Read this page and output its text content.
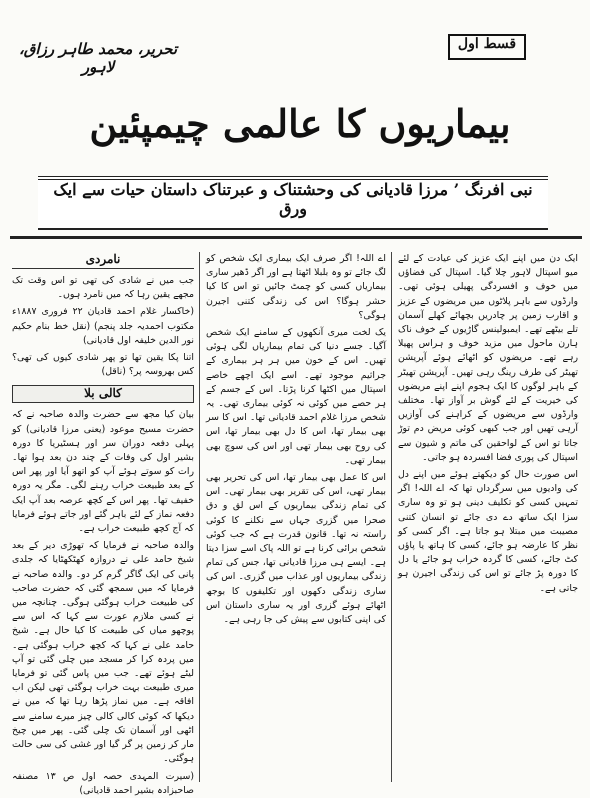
تحریر، محمد طاہر رزاق، لاہور
قسط اول
بیماریوں کا عالمی چیمپئین
نبی افرنگ ’ مرزا قادیانی کی وحشتناک و عبرتناک داستان حیات سے ایک ورق

ایک دن میں اپنے ایک عزیز کی عیادت کے لئے میو اسپتال لاہور چلا گیا۔ اسپتال کی فضاؤں میں خوف و افسردگی پھیلی ہوئی تھی۔ وارڈوں سے باہر پلاٹوں میں مریضوں کے عزیز و اقارب زمین پر چادریں بچھائے کھلے آسمان تلے بیٹھے تھے۔ ایمبولینس گاڑیوں کے خوف ناک ہارن ماحول میں مزید خوف و ہراس پھیلا رہے تھے۔ مریضوں کو اٹھائے ہوئے آپریشن تھیٹر کی طرف رینگ رہی تھیں۔ آپریشن تھیٹر کے باہر لوگوں کا ایک ہجوم اپنے اپنے مریضوں کی خیریت کے لئے گوش بر آواز تھا۔ مختلف وارڈوں سے مریضوں کے کراہنے کی آوازیں آرہی تھیں اور جب کبھی کوئی مریض دم توڑ جاتا تو اس کے لواحقین کی ماتم و شیون سے اسپتال کی پوری فضا افسردہ ہو جاتی۔

اس صورت حال کو دیکھتے ہوئے میں اپنے دل کی وادیوں میں سرگرداں تھا کہ اے اللہ! اگر تمہیں کسی کو تکلیف دینی ہو تو وہ ساری سزا ایک ساتھ دے دی جائے تو انسان کتنی مصیبت میں مبتلا ہو جاتا ہے۔ اگر کسی کو نظر کا عارضہ ہو جائے، کسی کا ہاتھ یا پاؤں کٹ جائے، کسی کا گردہ خراب ہو جائے یا دل کا دورہ پڑ جائے تو اس کی زندگی اجیرن ہو جاتی ہے۔

اے اللہ! اگر صرف ایک بیماری ایک شخص کو لگ جائے تو وہ بلبلا اٹھتا ہے اور اگر ڈھیر ساری بیماریاں کسی کو چمٹ جائیں تو اس کا کیا حشر ہوگا؟ اس کی زندگی کتنی اجیرن ہوگی؟

یک لخت میری آنکھوں کے سامنے ایک شخص آگیا۔ جسے دنیا کی تمام بیماریاں لگی ہوئی تھیں۔ اس کے خون میں ہر ہر بیماری کے جراثیم موجود تھے۔ اسے ایک اچھے خاصے اسپتال میں اکٹھا کرنا پڑتا۔ اس کے جسم کے ہر حصے میں کوئی نہ کوئی بیماری تھی۔ یہ شخص مرزا غلام احمد قادیانی تھا۔ اس کا سر بھی بیمار تھا، اس کا دل بھی بیمار تھا، اس کی روح بھی بیمار تھی اور اس کی سوچ بھی بیمار تھی۔

اس کا عمل بھی بیمار تھا، اس کی تحریر بھی بیمار تھی، اس کی تقریر بھی بیمار تھی۔ اس کی تمام زندگی بیماریوں کے اس لق و دق صحرا میں گزری جہاں سے نکلنے کا کوئی راستہ نہ تھا۔ قانون قدرت ہے کہ جب کوئی شخص برائی کرنا ہے تو اللہ پاک اسے سزا دیتا ہے۔ ایسے ہی مرزا قادیانی تھا، جس کی تمام زندگی بیماریوں اور عذاب میں گزری۔ اس کی ساری زندگی دکھوں اور تکلیفوں کا بوجھ اٹھائے ہوئے گزری اور یہ ساری داستان اس کی اپنی کتابوں سے پیش کی جا رہی ہے۔

نامردی

جب میں نے شادی کی تھی تو اس وقت تک مجھے یقین رہا کہ میں نامرد ہوں۔

(خاکسار غلام احمد قادیان ۲۲ فروری ۱۸۸۷ء مکتوب احمدیہ جلد پنجم) (نقل خط بنام حکیم نور الدین خلیفہ اول قادیانی)

اتنا پکا یقین تھا تو پھر شادی کیوں کی تھی؟ کس بھروسہ پر؟ (ناقل)

کالی بلا

بیان کیا مجھ سے حضرت والدہ صاحبہ نے کہ حضرت مسیح موعود (یعنی مرزا قادیانی) کو پہلی دفعہ دوران سر اور ہسٹیریا کا دورہ بشیر اول کی وفات کے چند دن بعد ہوا تھا۔ رات کو سوتے ہوئے آپ کو اتھو آیا اور پھر اس کے بعد طبیعت خراب رہنے لگی۔ مگر یہ دورہ خفیف تھا۔ پھر اس کے کچھ عرصہ بعد آپ ایک دفعہ نماز کے لئے باہر گئے اور جاتے ہوئے فرمایا کہ آج کچھ طبیعت خراب ہے۔

والدہ صاحبہ نے فرمایا کہ تھوڑی دیر کے بعد شیخ حامد علی نے دروازہ کھٹکھٹایا کہ جلدی پانی کی ایک گاگر گرم کر دو۔ والدہ صاحبہ نے فرمایا کہ میں سمجھ گئی کہ حضرت صاحب کی طبیعت خراب ہوگئی ہوگی۔ چنانچہ میں نے کسی ملازم عورت سے کہا کہ اس سے پوچھو میاں کی طبیعت کا کیا حال ہے۔ شیخ حامد علی نے کہا کہ کچھ خراب ہوگئی ہے۔ میں پردہ کرا کر مسجد میں چلی گئی تو آپ لیٹے ہوئے تھے۔ جب میں پاس گئی تو فرمایا میری طبیعت بہت خراب ہوگئی تھی لیکن اب افاقہ ہے۔ میں نماز پڑھا رہا تھا کہ میں نے دیکھا کہ کوئی کالی کالی چیز میرے سامنے سے اٹھی اور آسمان تک چلی گئی۔ پھر میں چیخ مار کر زمین پر گر گیا اور غشی کی سی حالت ہوگئی۔

(سیرت المہدی حصہ اول ص ۱۳ مصنفہ صاحبزادہ بشیر احمد قادیانی)
